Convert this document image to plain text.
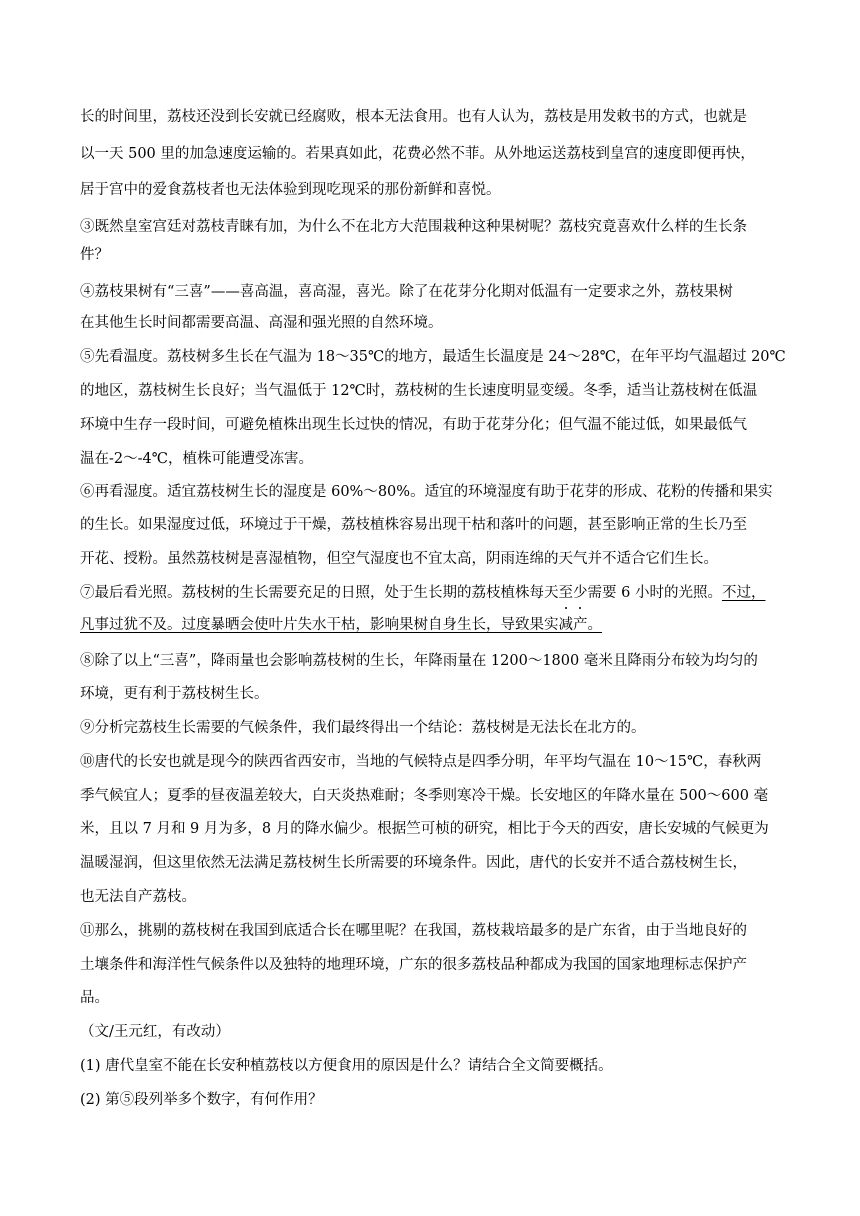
长的时间里，荔枝还没到长安就已经腐败，根本无法食用。也有人认为，荔枝是用发敕书的方式，也就是
以一天 500 里的加急速度运输的。若果真如此，花费必然不菲。从外地运送荔枝到皇宫的速度即便再快，
居于宫中的爱食荔枝者也无法体验到现吃现采的那份新鲜和喜悦。
③既然皇室宫廷对荔枝青睐有加，为什么不在北方大范围栽种这种果树呢？荔枝究竟喜欢什么样的生长条
件？
④荔枝果树有“三喜”——喜高温，喜高湿，喜光。除了在花芽分化期对低温有一定要求之外，荔枝果树
在其他生长时间都需要高温、高湿和强光照的自然环境。
⑤先看温度。荔枝树多生长在气温为 18～35℃的地方，最适生长温度是 24～28℃，在年平均气温超过 20℃
的地区，荔枝树生长良好；当气温低于 12℃时，荔枝树的生长速度明显变缓。冬季，适当让荔枝树在低温
环境中生存一段时间，可避免植株出现生长过快的情况，有助于花芽分化；但气温不能过低，如果最低气
温在-2～-4℃，植株可能遭受冻害。
⑥再看湿度。适宜荔枝树生长的湿度是 60%～80%。适宜的环境湿度有助于花芽的形成、花粉的传播和果实
的生长。如果湿度过低，环境过于干燥，荔枝植株容易出现干枯和落叶的问题，甚至影响正常的生长乃至
开花、授粉。虽然荔枝树是喜湿植物，但空气湿度也不宜太高，阴雨连绵的天气并不适合它们生长。
⑦最后看光照。荔枝树的生长需要充足的日照，处于生长期的荔枝植株每天至少需要 6 小时的光照。不过，
凡事过犹不及。过度暴晒会使叶片失水干枯，影响果树自身生长，导致果实减产。
⑧除了以上“三喜”，降雨量也会影响荔枝树的生长，年降雨量在 1200～1800 毫米且降雨分布较为均匀的
环境，更有利于荔枝树生长。
⑨分析完荔枝生长需要的气候条件，我们最终得出一个结论：荔枝树是无法长在北方的。
⑩唐代的长安也就是现今的陕西省西安市，当地的气候特点是四季分明，年平均气温在 10～15℃，春秋两
季气候宜人；夏季的昼夜温差较大，白天炎热难耐；冬季则寒冷干燥。长安地区的年降水量在 500～600 毫
米，且以 7 月和 9 月为多，8 月的降水偏少。根据竺可桢的研究，相比于今天的西安，唐长安城的气候更为
温暖湿润，但这里依然无法满足荔枝树生长所需要的环境条件。因此，唐代的长安并不适合荔枝树生长，
也无法自产荔枝。
⑪那么，挑剔的荔枝树在我国到底适合长在哪里呢？在我国，荔枝栽培最多的是广东省，由于当地良好的
土壤条件和海洋性气候条件以及独特的地理环境，广东的很多荔枝品种都成为我国的国家地理标志保护产
品。
（文/王元红，有改动）
(1) 唐代皇室不能在长安种植荔枝以方便食用的原因是什么？请结合全文简要概括。
(2) 第⑤段列举多个数字，有何作用？
